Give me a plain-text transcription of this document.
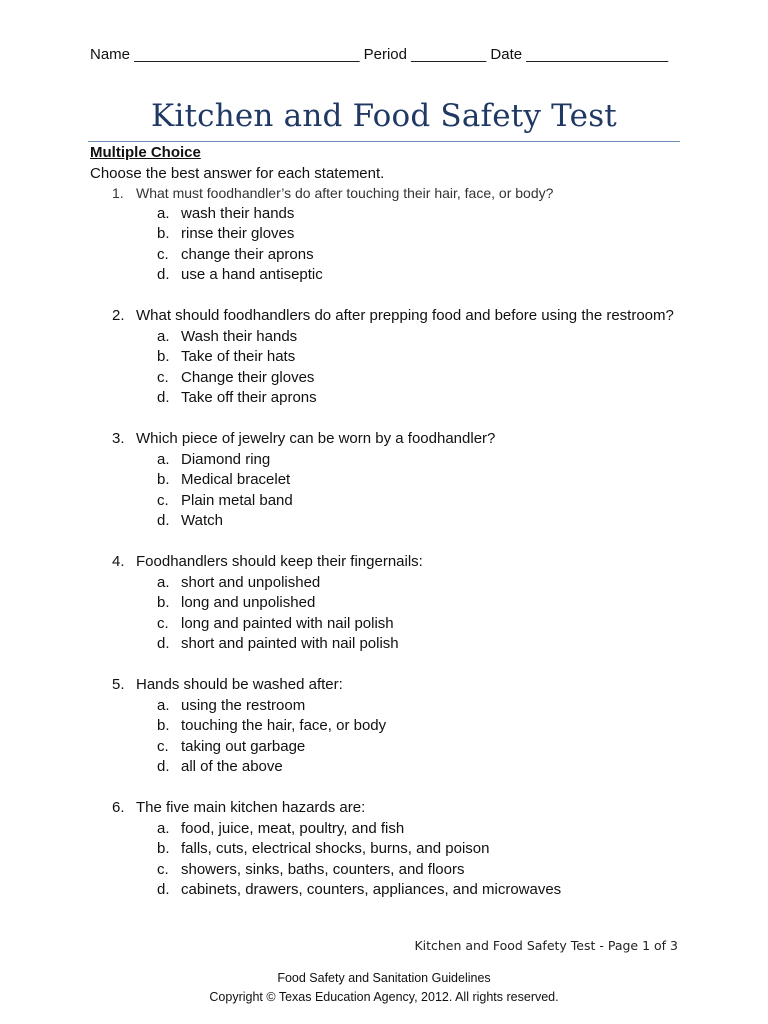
Name ___________________________ Period _________ Date _________________
Kitchen and Food Safety Test
Multiple Choice
Choose the best answer for each statement.
1. What must foodhandler’s do after touching their hair, face, or body?
a. wash their hands
b. rinse their gloves
c. change their aprons
d. use a hand antiseptic
2. What should foodhandlers do after prepping food and before using the restroom?
a. Wash their hands
b. Take of their hats
c. Change their gloves
d. Take off their aprons
3. Which piece of jewelry can be worn by a foodhandler?
a. Diamond ring
b. Medical bracelet
c. Plain metal band
d. Watch
4. Foodhandlers should keep their fingernails:
a. short and unpolished
b. long and unpolished
c. long and painted with nail polish
d. short and painted with nail polish
5. Hands should be washed after:
a. using the restroom
b. touching the hair, face, or body
c. taking out garbage
d. all of the above
6. The five main kitchen hazards are:
a. food, juice, meat, poultry, and fish
b. falls, cuts, electrical shocks, burns, and poison
c. showers, sinks, baths, counters, and floors
d. cabinets, drawers, counters, appliances, and microwaves
Kitchen and Food Safety Test - Page 1 of 3
Food Safety and Sanitation Guidelines
Copyright © Texas Education Agency, 2012. All rights reserved.
